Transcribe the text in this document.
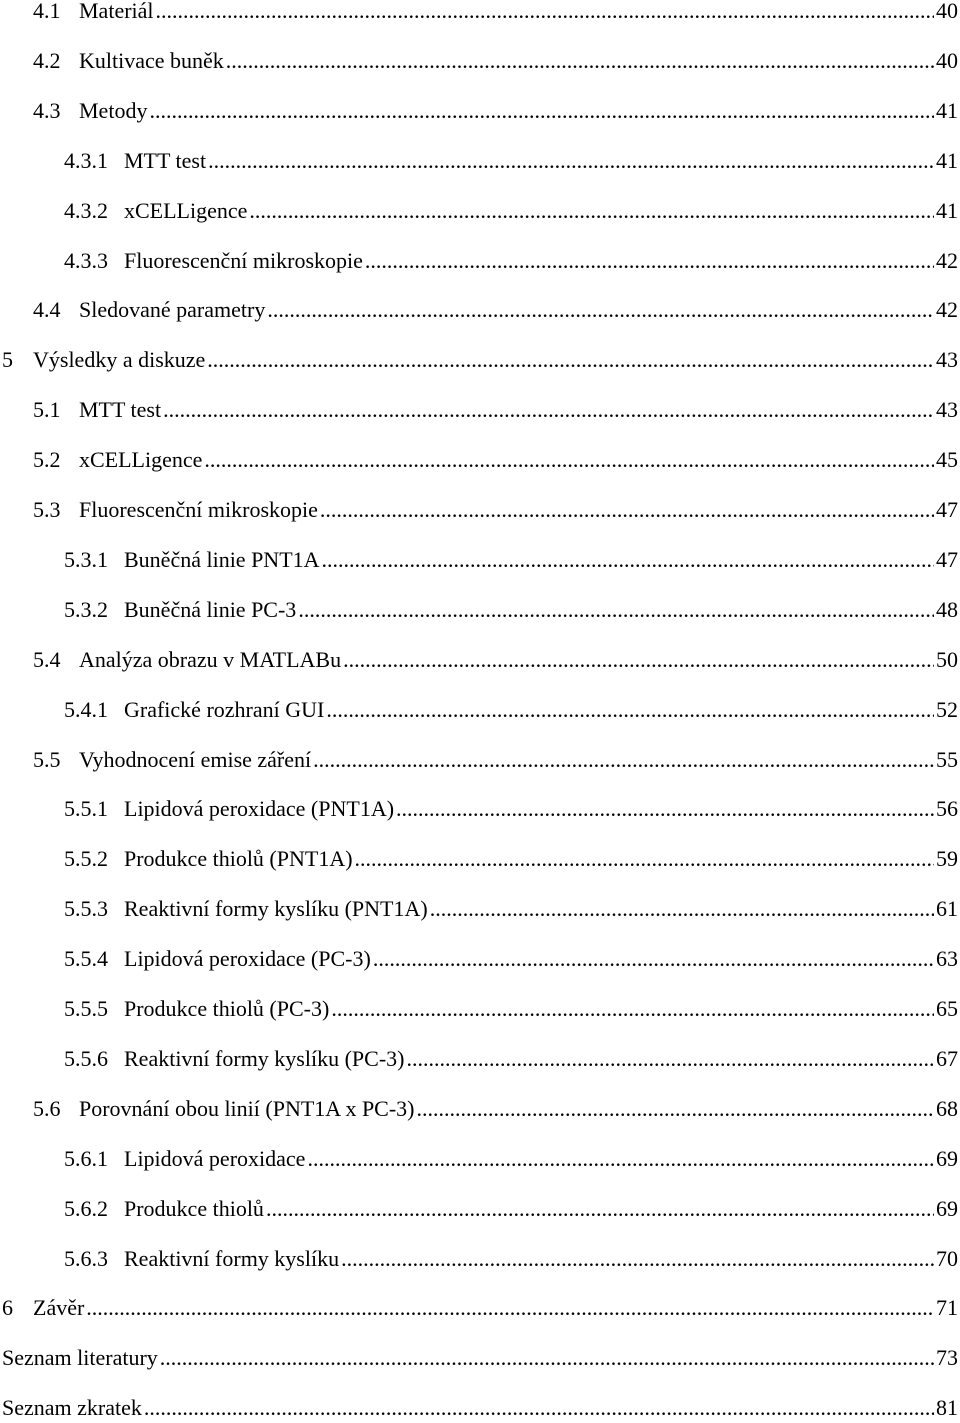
4.1 Materiál .....	40
4.2 Kultivace buněk .....	40
4.3 Metody .....	41
4.3.1 MTT test .....	41
4.3.2 xCELLigence .....	41
4.3.3 Fluorescenční mikroskopie .....	42
4.4 Sledované parametry .....	42
5 Výsledky a diskuze .....	43
5.1 MTT test .....	43
5.2 xCELLigence .....	45
5.3 Fluorescenční mikroskopie .....	47
5.3.1 Buněčná linie PNT1A .....	47
5.3.2 Buněčná linie PC-3 .....	48
5.4 Analýza obrazu v MATLABu .....	50
5.4.1 Grafické rozhraní GUI .....	52
5.5 Vyhodnocení emise záření .....	55
5.5.1 Lipidová peroxidace (PNT1A) .....	56
5.5.2 Produkce thiolů (PNT1A) .....	59
5.5.3 Reaktivní formy kyslíku (PNT1A) .....	61
5.5.4 Lipidová peroxidace (PC-3) .....	63
5.5.5 Produkce thiolů (PC-3) .....	65
5.5.6 Reaktivní formy kyslíku (PC-3) .....	67
5.6 Porovnání obou linií (PNT1A x PC-3) .....	68
5.6.1 Lipidová peroxidace .....	69
5.6.2 Produkce thiolů .....	69
5.6.3 Reaktivní formy kyslíku .....	70
6 Závěr .....	71
Seznam literatury .....	73
Seznam zkratek .....	81
